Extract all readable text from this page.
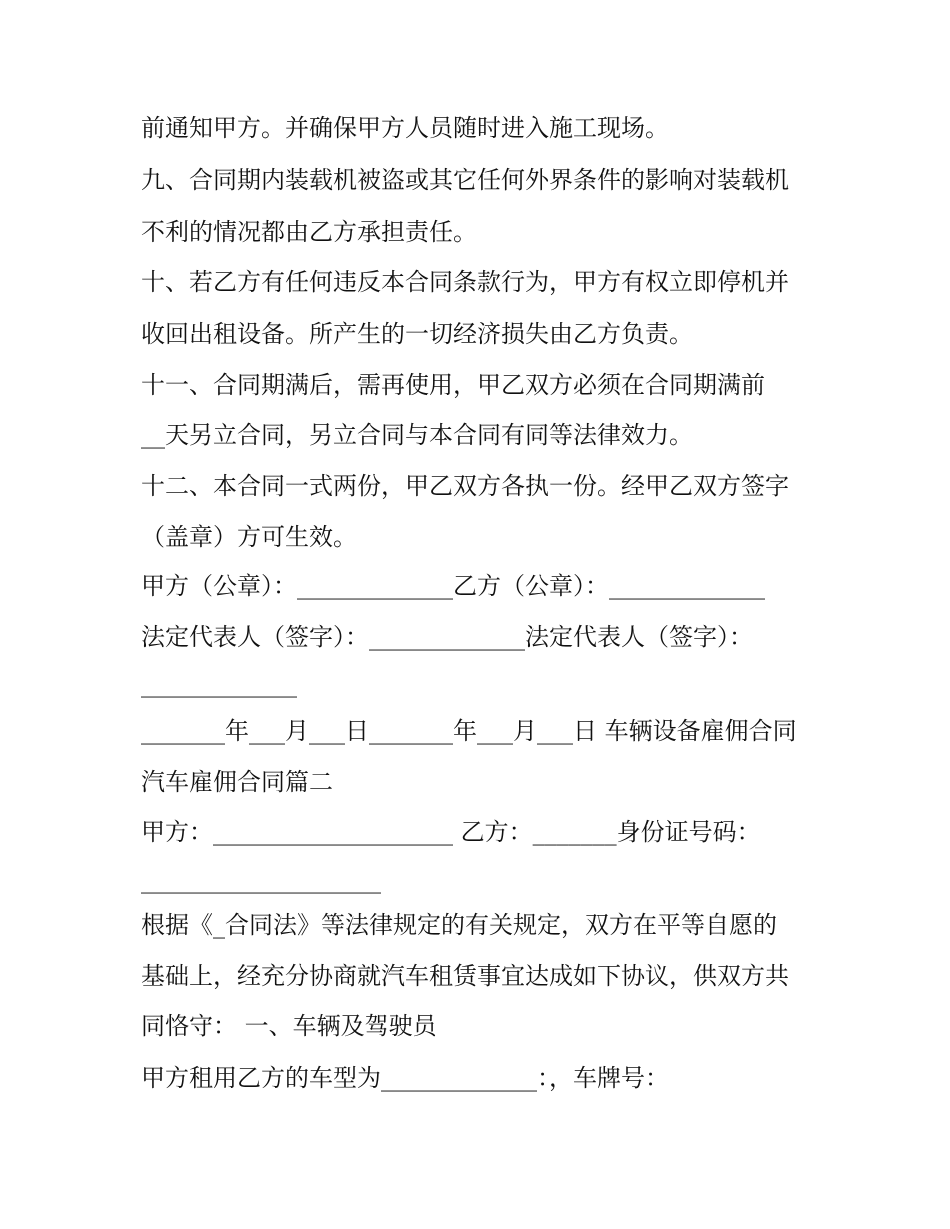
前通知甲方。并确保甲方人员随时进入施工现场。
九、合同期内装载机被盗或其它任何外界条件的影响对装载机
不利的情况都由乙方承担责任。
十、若乙方有任何违反本合同条款行为，甲方有权立即停机并
收回出租设备。所产生的一切经济损失由乙方负责。
十一、合同期满后，需再使用，甲乙双方必须在合同期满前
__天另立合同，另立合同与本合同有同等法律效力。
十二、本合同一式两份，甲乙双方各执一份。经甲乙双方签字
（盖章）方可生效。
甲方（公章）：_____________乙方（公章）：_____________
法定代表人（签字）：_____________法定代表人（签字）：
_____________
_______年___月___日_______年___月___日 车辆设备雇佣合同
汽车雇佣合同篇二
甲方：____________________ 乙方：_______身份证号码：
____________________
根据《_合同法》等法律规定的有关规定，双方在平等自愿的
基础上，经充分协商就汽车租赁事宜达成如下协议，供双方共
同恪守： 一、车辆及驾驶员
甲方租用乙方的车型为_____________：，车牌号：
